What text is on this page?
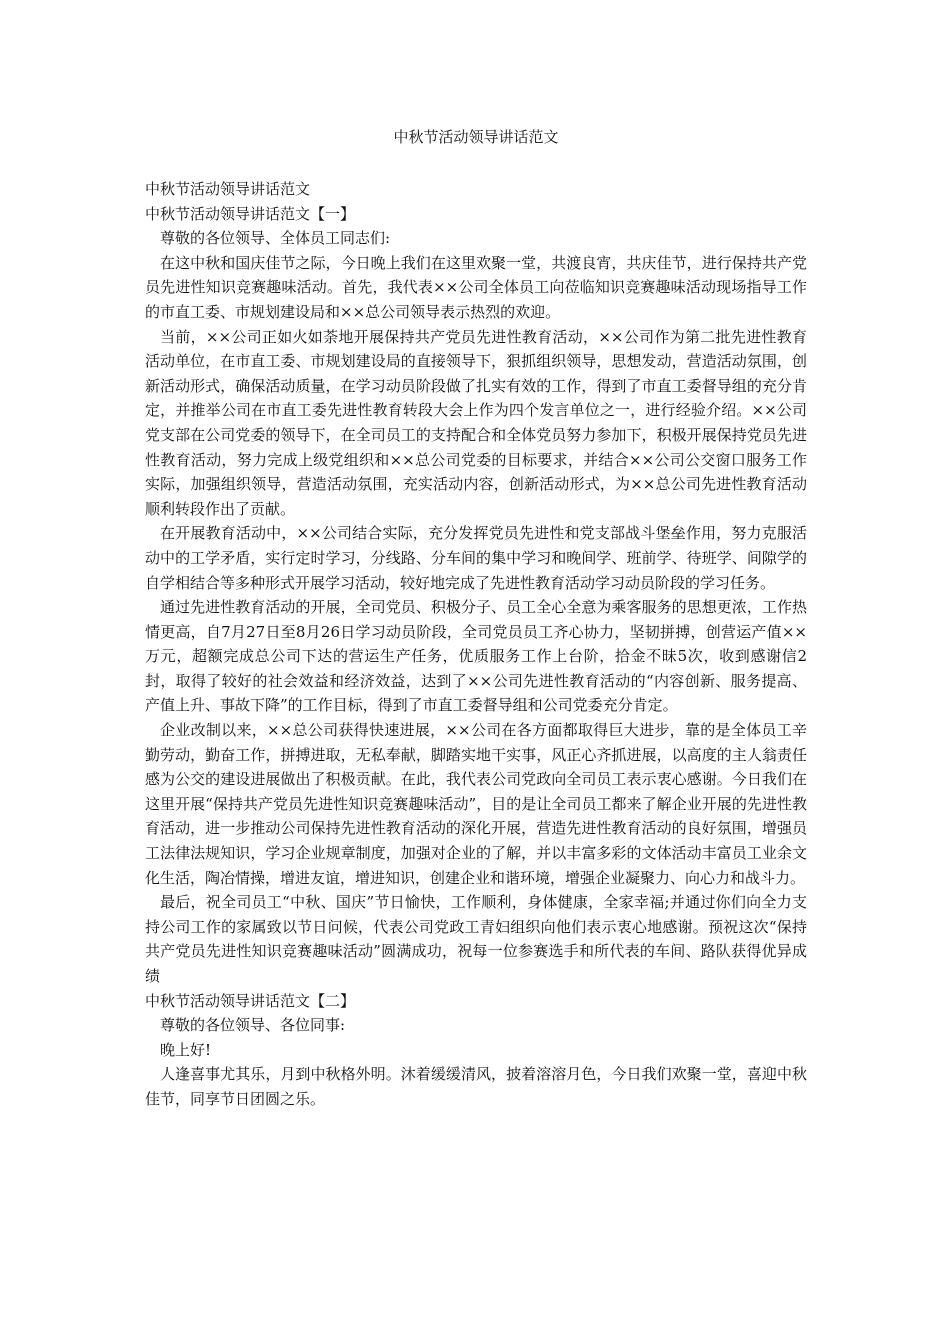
中秋节活动领导讲话范文

中秋节活动领导讲话范文

中秋节活动领导讲话范文【一】

尊敬的各位领导、全体员工同志们:

在这中秋和国庆佳节之际，今日晚上我们在这里欢聚一堂，共渡良宵，共庆佳节，进行保持共产党员先进性知识竞赛趣味活动。首先，我代表××公司全体员工向莅临知识竞赛趣味活动现场指导工作的市直工委、市规划建设局和××总公司领导表示热烈的欢迎。

当前，××公司正如火如荼地开展保持共产党员先进性教育活动，××公司作为第二批先进性教育活动单位，在市直工委、市规划建设局的直接领导下，狠抓组织领导，思想发动，营造活动氛围，创新活动形式，确保活动质量，在学习动员阶段做了扎实有效的工作，得到了市直工委督导组的充分肯定，并推举公司在市直工委先进性教育转段大会上作为四个发言单位之一，进行经验介绍。××公司党支部在公司党委的领导下，在全司员工的支持配合和全体党员努力参加下，积极开展保持党员先进性教育活动，努力完成上级党组织和××总公司党委的目标要求，并结合××公司公交窗口服务工作实际，加强组织领导，营造活动氛围，充实活动内容，创新活动形式，为××总公司先进性教育活动顺利转段作出了贡献。

在开展教育活动中，××公司结合实际，充分发挥党员先进性和党支部战斗堡垒作用，努力克服活动中的工学矛盾，实行定时学习，分线路、分车间的集中学习和晚间学、班前学、待班学、间隙学的自学相结合等多种形式开展学习活动，较好地完成了先进性教育活动学习动员阶段的学习任务。

通过先进性教育活动的开展，全司党员、积极分子、员工全心全意为乘客服务的思想更浓，工作热情更高，自7月27日至8月26日学习动员阶段，全司党员员工齐心协力，坚韧拼搏，创营运产值××万元，超额完成总公司下达的营运生产任务，优质服务工作上台阶，拾金不昧5次，收到感谢信2封，取得了较好的社会效益和经济效益，达到了××公司先进性教育活动的“内容创新、服务提高、产值上升、事故下降”的工作目标，得到了市直工委督导组和公司党委充分肯定。

企业改制以来，××总公司获得快速进展，××公司在各方面都取得巨大进步，靠的是全体员工辛勤劳动，勤奋工作，拼搏进取，无私奉献，脚踏实地干实事，风正心齐抓进展，以高度的主人翁责任感为公交的建设进展做出了积极贡献。在此，我代表公司党政向全司员工表示衷心感谢。今日我们在这里开展“保持共产党员先进性知识竞赛趣味活动”，目的是让全司员工都来了解企业开展的先进性教育活动，进一步推动公司保持先进性教育活动的深化开展，营造先进性教育活动的良好氛围，增强员工法律法规知识，学习企业规章制度，加强对企业的了解，并以丰富多彩的文体活动丰富员工业余文化生活，陶冶情操，增进友谊，增进知识，创建企业和谐环境，增强企业凝聚力、向心力和战斗力。

最后，祝全司员工“中秋、国庆”节日愉快，工作顺利，身体健康，全家幸福;并通过你们向全力支持公司工作的家属致以节日问候，代表公司党政工青妇组织向他们表示衷心地感谢。预祝这次“保持共产党员先进性知识竞赛趣味活动”圆满成功，祝每一位参赛选手和所代表的车间、路队获得优异成绩

中秋节活动领导讲话范文【二】

尊敬的各位领导、各位同事:

晚上好!

人逢喜事尤其乐，月到中秋格外明。沐着缓缓清风，披着溶溶月色，今日我们欢聚一堂，喜迎中秋佳节，同享节日团圆之乐。
